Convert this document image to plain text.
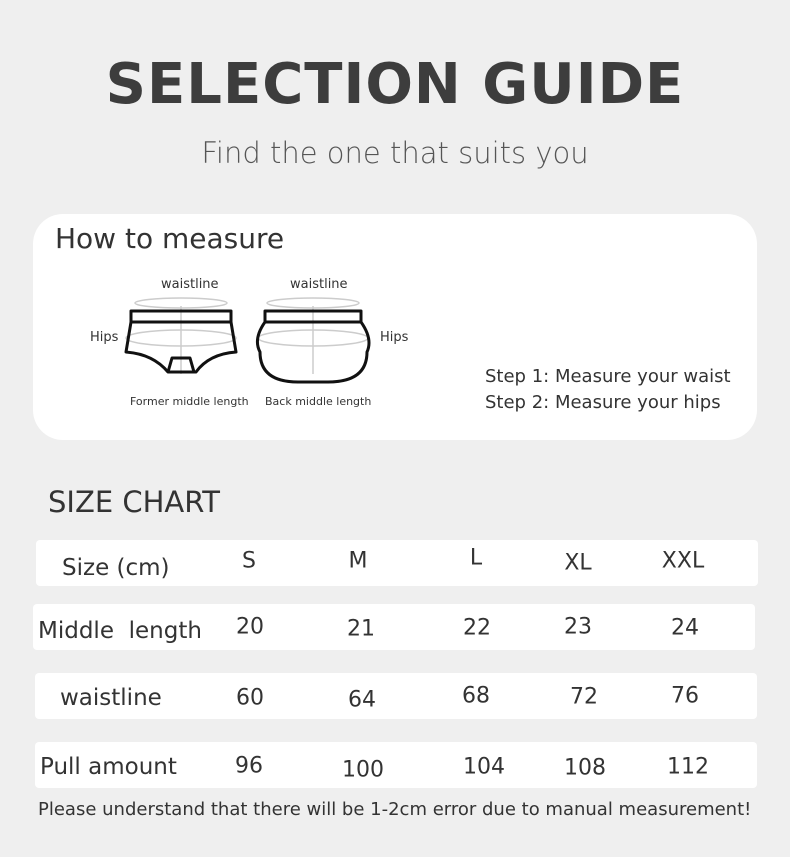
SELECTION GUIDE
Find the one that suits you
How to measure
waistline	waistline
Hips	Hips
Former middle length Back middle length
Step 1: Measure your waist
Step 2: Measure your hips
SIZE CHART
Size (cm)	S	M	L	XL	XXL
Middle  length 20	21	22	23	24
waistline	60	64	68	72	76
Pull amount	96	100	104	108	112
Please understand that there will be 1-2cm error due to manual measurement!
